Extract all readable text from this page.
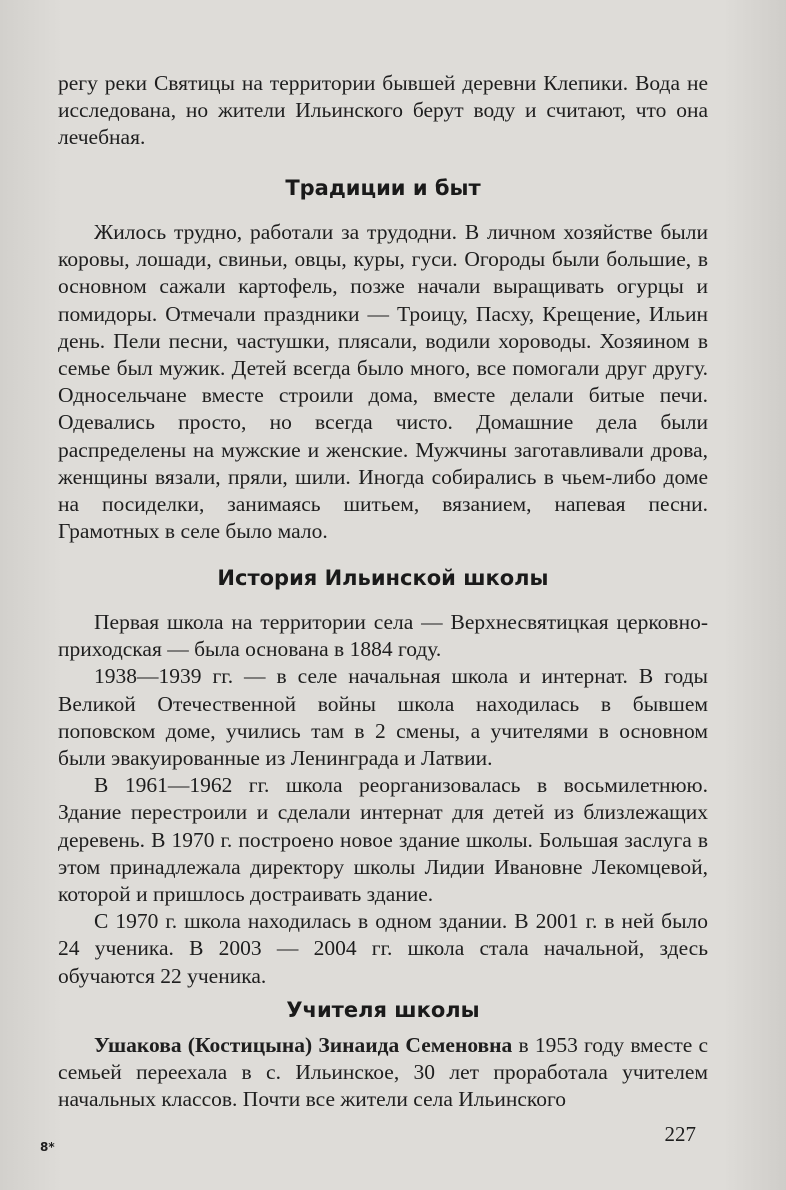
регу реки Святицы на территории бывшей деревни Клепики. Вода не исследована, но жители Ильинского берут воду и считают, что она лечебная.

Традиции и быт

Жилось трудно, работали за трудодни. В личном хозяйстве были коровы, лошади, свиньи, овцы, куры, гуси. Огороды были большие, в основном сажали картофель, позже начали выращивать огурцы и помидоры. Отмечали праздники — Троицу, Пасху, Крещение, Ильин день. Пели песни, частушки, плясали, водили хороводы. Хозяином в семье был мужик. Детей всегда было много, все помогали друг другу. Односельчане вместе строили дома, вместе делали битые печи. Одевались просто, но всегда чисто. Домашние дела были распределены на мужские и женские. Мужчины заготавливали дрова, женщины вязали, пряли, шили. Иногда собирались в чьем-либо доме на посиделки, занимаясь шитьем, вязанием, напевая песни. Грамотных в селе было мало.

История Ильинской школы

Первая школа на территории села — Верхнесвятицкая церковно-приходская — была основана в 1884 году.

1938—1939 гг. — в селе начальная школа и интернат. В годы Великой Отечественной войны школа находилась в бывшем поповском доме, учились там в 2 смены, а учителями в основном были эвакуированные из Ленинграда и Латвии.

В 1961—1962 гг. школа реорганизовалась в восьмилетнюю. Здание перестроили и сделали интернат для детей из близлежащих деревень. В 1970 г. построено новое здание школы. Большая заслуга в этом принадлежала директору школы Лидии Ивановне Лекомцевой, которой и пришлось достраивать здание.

С 1970 г. школа находилась в одном здании. В 2001 г. в ней было 24 ученика. В 2003 — 2004 гг. школа стала начальной, здесь обучаются 22 ученика.

Учителя школы

Ушакова (Костицына) Зинаида Семеновна в 1953 году вместе с семьей переехала в с. Ильинское, 30 лет проработала учителем начальных классов. Почти все жители села Ильинского

227
8*
